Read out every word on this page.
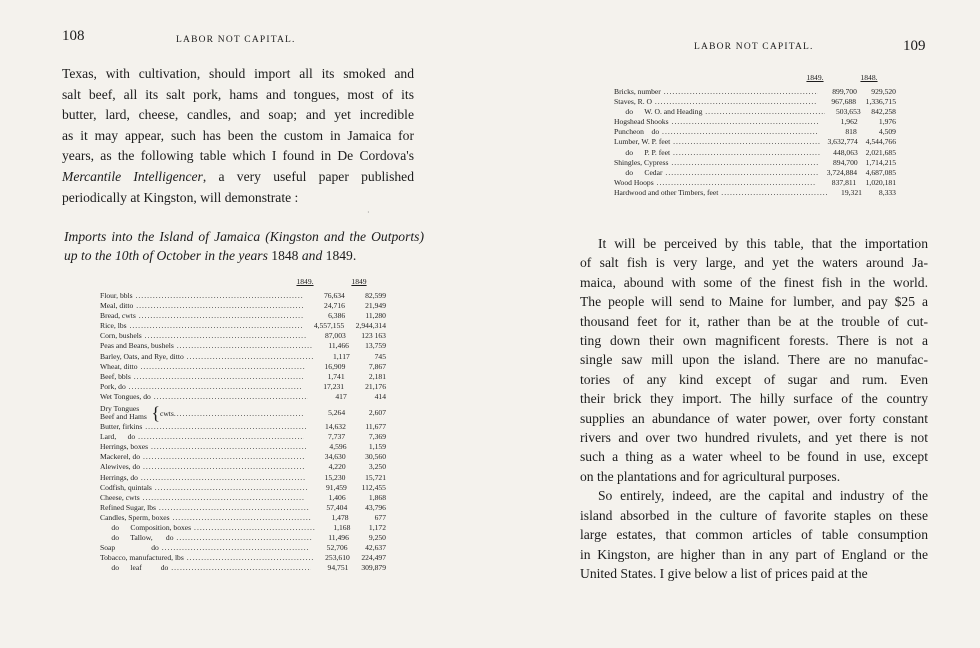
108	LABOR NOT CAPITAL.

Texas, with cultivation, should import all its smoked and

salt beef, all its salt pork, hams and tongues, most of its

butter, lard, cheese, candles, and soap; and yet incredible

as it may appear, such has been the custom in Jamaica for

years, as the following table which I found in De Cordova's

Mercantile Intelligencer, a very useful paper published periodically at Kingston, will demonstrate :

·
Imports into the Island of Jamaica (Kingston and the Outports) up to the 10th of October in the years 1848 and 1849.
1849.	1849
Flour, bbls .....	76,634	82,599
Meal, ditto .....	24,716	21,949
Bread, cwts .....	6,386	11,280
Rice, lbs .....	4,557,155	2,944,314
Corn, bushels .....	87,003	123 163
Peas and Beans, bushels .....	11,466	13,759
Barley, Oats, and Rye, ditto .....	1,117	745
Wheat, ditto .....	16,909	7,867
Beef, bbls .....	1,741	2,181
Pork, do .....	17,231	21,176
Wet Tongues, do .....	417	414
Dry Tongues
Beef and Hams { cwts .............................................	5,264	2,607
Butter, firkins .....	14,632	11,677
Lard,      do .....	7,737	7,369
Herrings, boxes .....	4,596	1,159
Mackerel, do .....	34,630	30,560
Alewives, do .....	4,220	3,250
Herrings, do .....	15,230	15,721
Codfish, quintals .....	91,459	112,455
Cheese, cwts .....	1,406	1,868
Refined Sugar, lbs .....	57,404	43,796
Candles, Sperm, boxes .....	1,478	677
do      Composition, boxes .....	1,168	1,172
do      Tallow,       do .....	11,496	9,250
Soap                   do .....	52,706	42,637
Tobacco, manufactured, lbs .....	253,610	224,497
do      leaf          do .....	94,751	309,879
LABOR NOT CAPITAL.	109
1849.	1848.
Bricks, number .....	899,700	929,520
Staves, R. O .....	967,688	1,336,715
do      W. O. and Heading .....	503,653	842,258
Hogshead Shooks .....	1,962	1,976
Puncheon    do .....	818	4,509
Lumber, W. P. feet .....	3,632,774	4,544,766
do      P. P. feet .....	448,063	2,021,685
Shingles, Cypress .....	894,700	1,714,215
do      Cedar .....	3,724,884	4,687,085
Wood Hoops .....	837,811	1,020,181
Hardwood and other Timbers, feet .....	19,321	8,333

It will be perceived by this table, that the importation

of salt fish is very large, and yet the waters around Ja-

maica, abound with some of the finest fish in the world.

The people will send to Maine for lumber, and pay $25 a

thousand feet for it, rather than be at the trouble of cut-

ting down their own magnificent forests. There is not a

single saw mill upon the island. There are no manufac-

tories of any kind except of sugar and rum. Even

their brick they import. The hilly surface of the country

supplies an abundance of water power, over forty constant

rivers and over two hundred rivulets, and yet there is not

such a thing as a water wheel to be found in use, except

on the plantations and for agricultural purposes.

So entirely, indeed, are the capital and industry of the

island absorbed in the culture of favorite staples on these

large estates, that common articles of table consumption

in Kingston, are higher than in any part of England or the

United States. I give below a list of prices paid at the
